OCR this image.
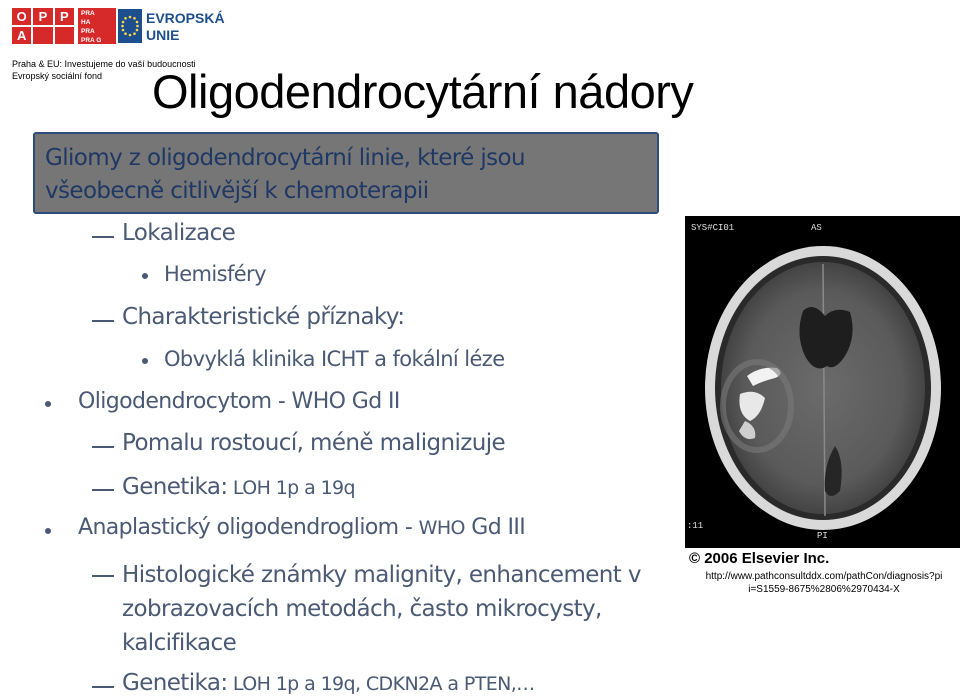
O P P
A
PRA
HA
PRA
PRA G
EVROPSKÁ
UNIE
Praha & EU: Investujeme do vaší budoucnosti
Evropský sociální fond	Oligodendrocytární nádory
Gliomy z oligodendrocytární linie, které jsou
všeobecně citlivější k chemoterapii
Lokalizace
Hemisféry
Charakteristické příznaky:
Obvyklá klinika ICHT a fokální léze
Oligodendrocytom - WHO Gd II
Pomalu rostoucí, méně malignizuje
Genetika: LOH 1p a 19q
Anaplastický oligodendrogliom - WHO Gd III
Histologické známky malignity, enhancement v
zobrazovacích metodách, často mikrocysty,
kalcifikace
Genetika: LOH 1p a 19q, CDKN2A a PTEN,…
SYS#CI01	AS
:11
PI
© 2006 Elsevier Inc.
http://www.pathconsultddx.com/pathCon/diagnosis?pi
i=S1559-8675%2806%2970434-X
